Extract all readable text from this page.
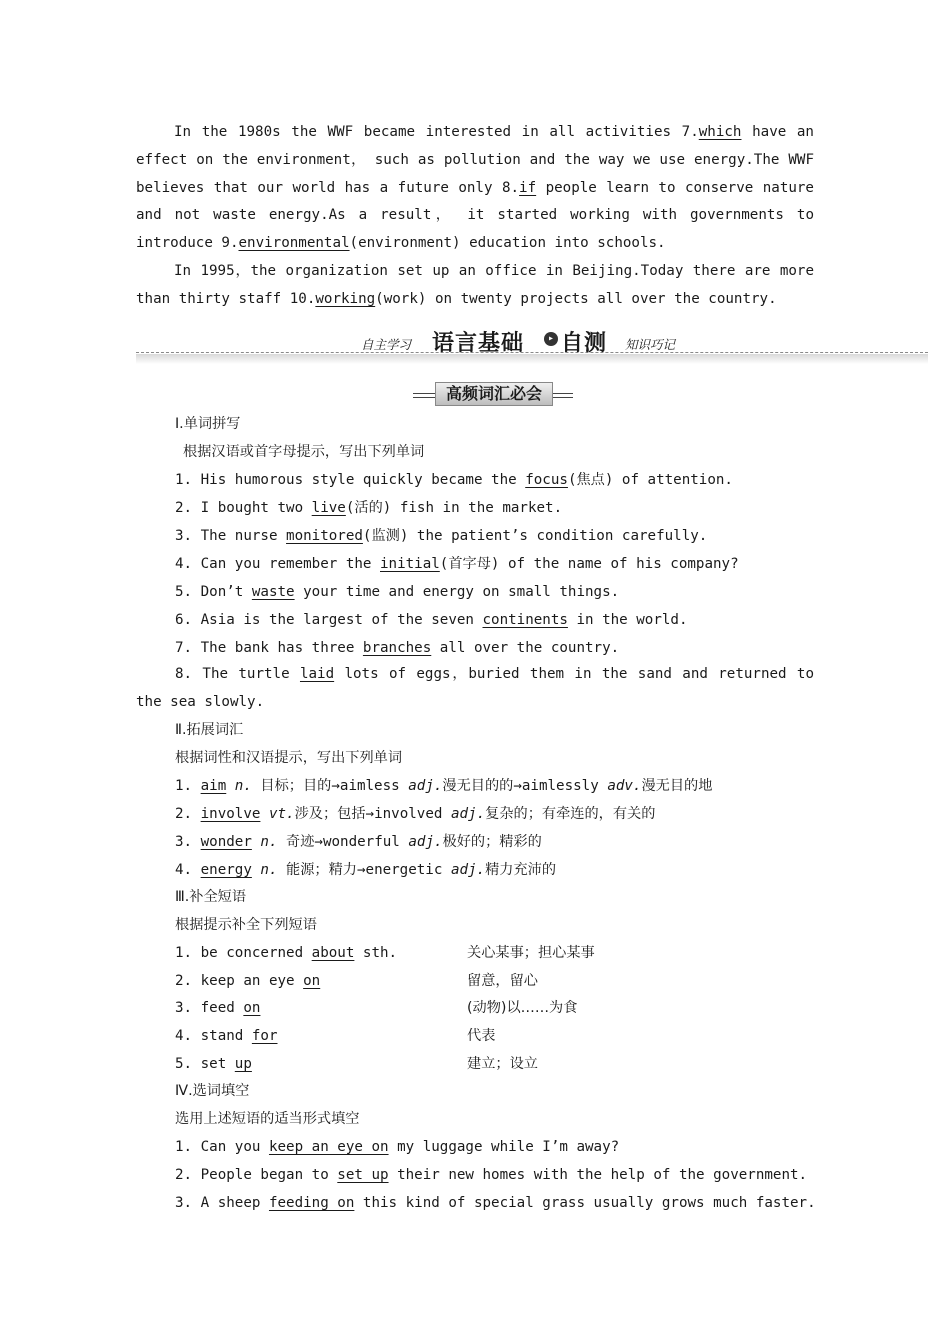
In the 1980s the WWF became interested in all activities 7.which have an effect on the environment， such as pollution and the way we use energy.The WWF believes that our world has a future only 8.if people learn to conserve nature and not waste energy.As a result， it started working with governments to introduce 9.environmental(environment) education into schools.

In 1995，the organization set up an office in Beijing.Today there are more than thirty staff 10.working(work) on twenty projects all over the country.

自主学习 语言基础	▸ 自测 知识巧记
高频词汇必会
Ⅰ.单词拼写
根据汉语或首字母提示，写出下列单词
1. His humorous style quickly became the focus(焦点) of attention.
2. I bought two live(活的) fish in the market.
3. The nurse monitored(监测) the patient’s condition carefully.
4. Can you remember the initial(首字母) of the name of his company?
5. Don’t waste your time and energy on small things.
6. Asia is the largest of the seven continents in the world.
7. The bank has three branches all over the country.
8. The turtle laid lots of eggs，buried them in the sand and returned to the sea slowly.
Ⅱ.拓展词汇
根据词性和汉语提示，写出下列单词
1. aim n. 目标；目的→aimless adj.漫无目的的→aimlessly adv.漫无目的地
2. involve vt.涉及；包括→involved adj.复杂的；有牵连的，有关的
3. wonder n. 奇迹→wonderful adj.极好的；精彩的
4. energy n. 能源；精力→energetic adj.精力充沛的
Ⅲ.补全短语
根据提示补全下列短语
1. be concerned about sth.	关心某事；担心某事
2. keep an eye on	留意，留心
3. feed on	(动物)以……为食
4. stand for	代表
5. set up	建立；设立
Ⅳ.选词填空
选用上述短语的适当形式填空
1. Can you keep an eye on my luggage while I’m away?
2. People began to set up their new homes with the help of the government.
3. A sheep feeding on this kind of special grass usually grows much faster.
